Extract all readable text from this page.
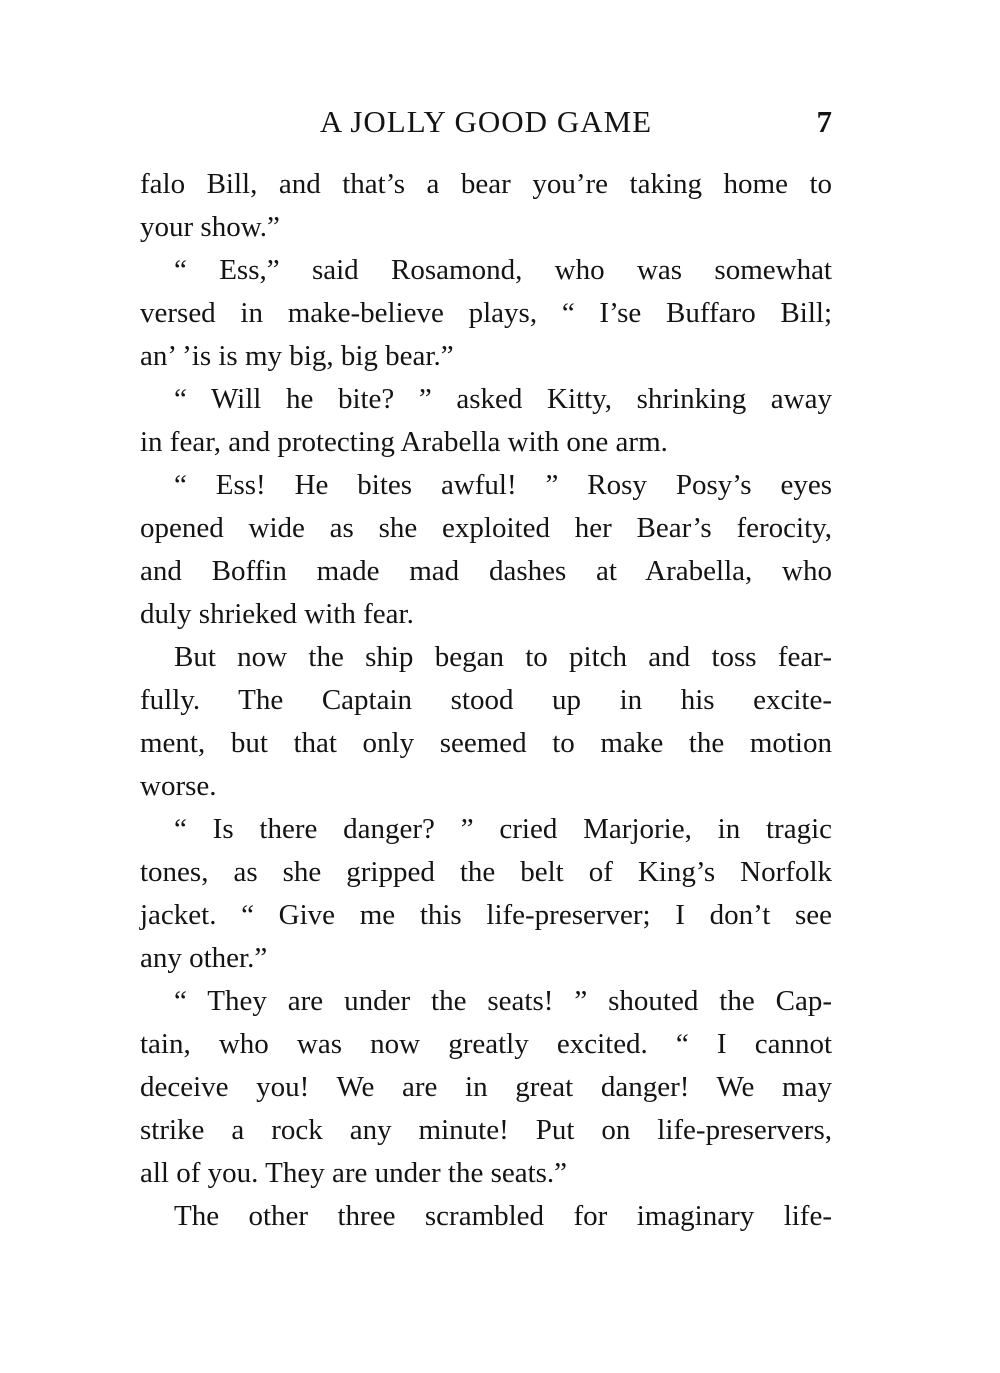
A JOLLY GOOD GAME	7
falo Bill, and that’s a bear you’re taking home to
your show.”
“ Ess,” said Rosamond, who was somewhat
versed in make-believe plays, “ I’se Buffaro Bill;
an’ ’is is my big, big bear.”
“ Will he bite? ” asked Kitty, shrinking away
in fear, and protecting Arabella with one arm.
“ Ess! He bites awful! ” Rosy Posy’s eyes
opened wide as she exploited her Bear’s ferocity,
and Boffin made mad dashes at Arabella, who
duly shrieked with fear.
But now the ship began to pitch and toss fear-
fully. The Captain stood up in his excite-
ment, but that only seemed to make the motion
worse.
“ Is there danger? ” cried Marjorie, in tragic
tones, as she gripped the belt of King’s Norfolk
jacket. “ Give me this life-preserver; I don’t see
any other.”
“ They are under the seats! ” shouted the Cap-
tain, who was now greatly excited. “ I cannot
deceive you! We are in great danger! We may
strike a rock any minute! Put on life-preservers,
all of you. They are under the seats.”
The other three scrambled for imaginary life-
